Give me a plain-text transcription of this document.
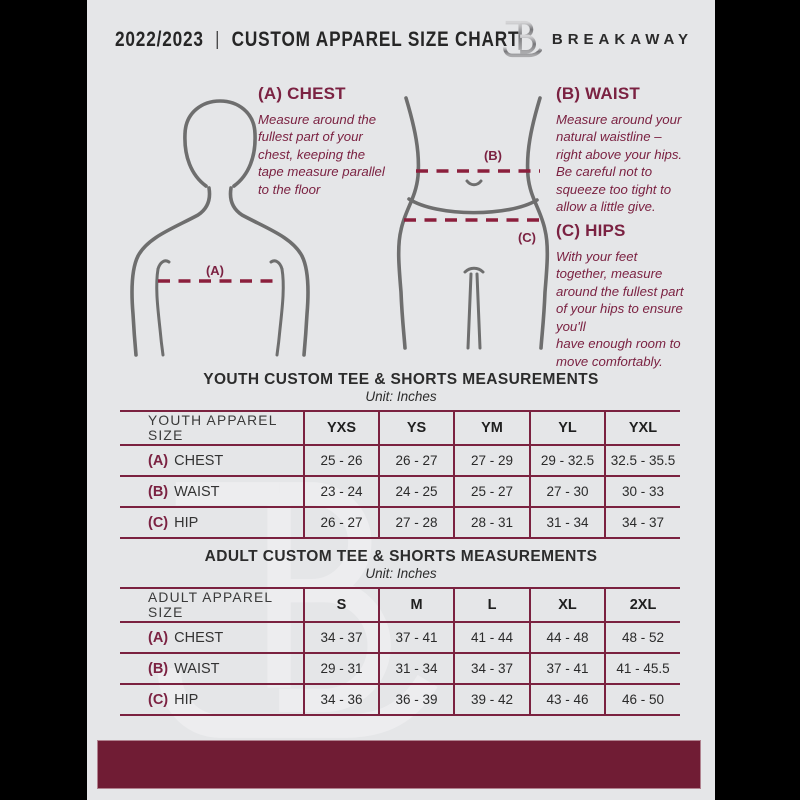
2022/2023 | CUSTOM APPAREL SIZE CHART BREAKAWAY
(A)
(B)
(C)
(A) CHEST
Measure around the
fullest part of your
chest, keeping the
tape measure parallel
to the floor
(B) WAIST
Measure around your
natural waistline –
right above your hips.
Be careful not to
squeeze too tight to
allow a little give.
(C) HIPS
With your feet
together, measure
around the fullest part
of your hips to ensure
you'll
have enough room to
move comfortably.
YOUTH CUSTOM TEE & SHORTS MEASUREMENTS
Unit: Inches
YOUTH APPAREL SIZE	YXS	YS	YM	YL	YXL
(A) CHEST	25 - 26	26 - 27	27 - 29	29 - 32.5	32.5 - 35.5
(B) WAIST	23 - 24	24 - 25	25 - 27	27 - 30	30 - 33
(C) HIP	26 - 27	27 - 28	28 - 31	31 - 34	34 - 37
ADULT CUSTOM TEE & SHORTS MEASUREMENTS
Unit: Inches
ADULT APPAREL SIZE	S	M	L	XL	2XL
(A) CHEST	34 - 37	37 - 41	41 - 44	44 - 48	48 - 52
(B) WAIST	29 - 31	31 - 34	34 - 37	37 - 41	41 - 45.5
(C) HIP	34 - 36	36 - 39	39 - 42	43 - 46	46 - 50
